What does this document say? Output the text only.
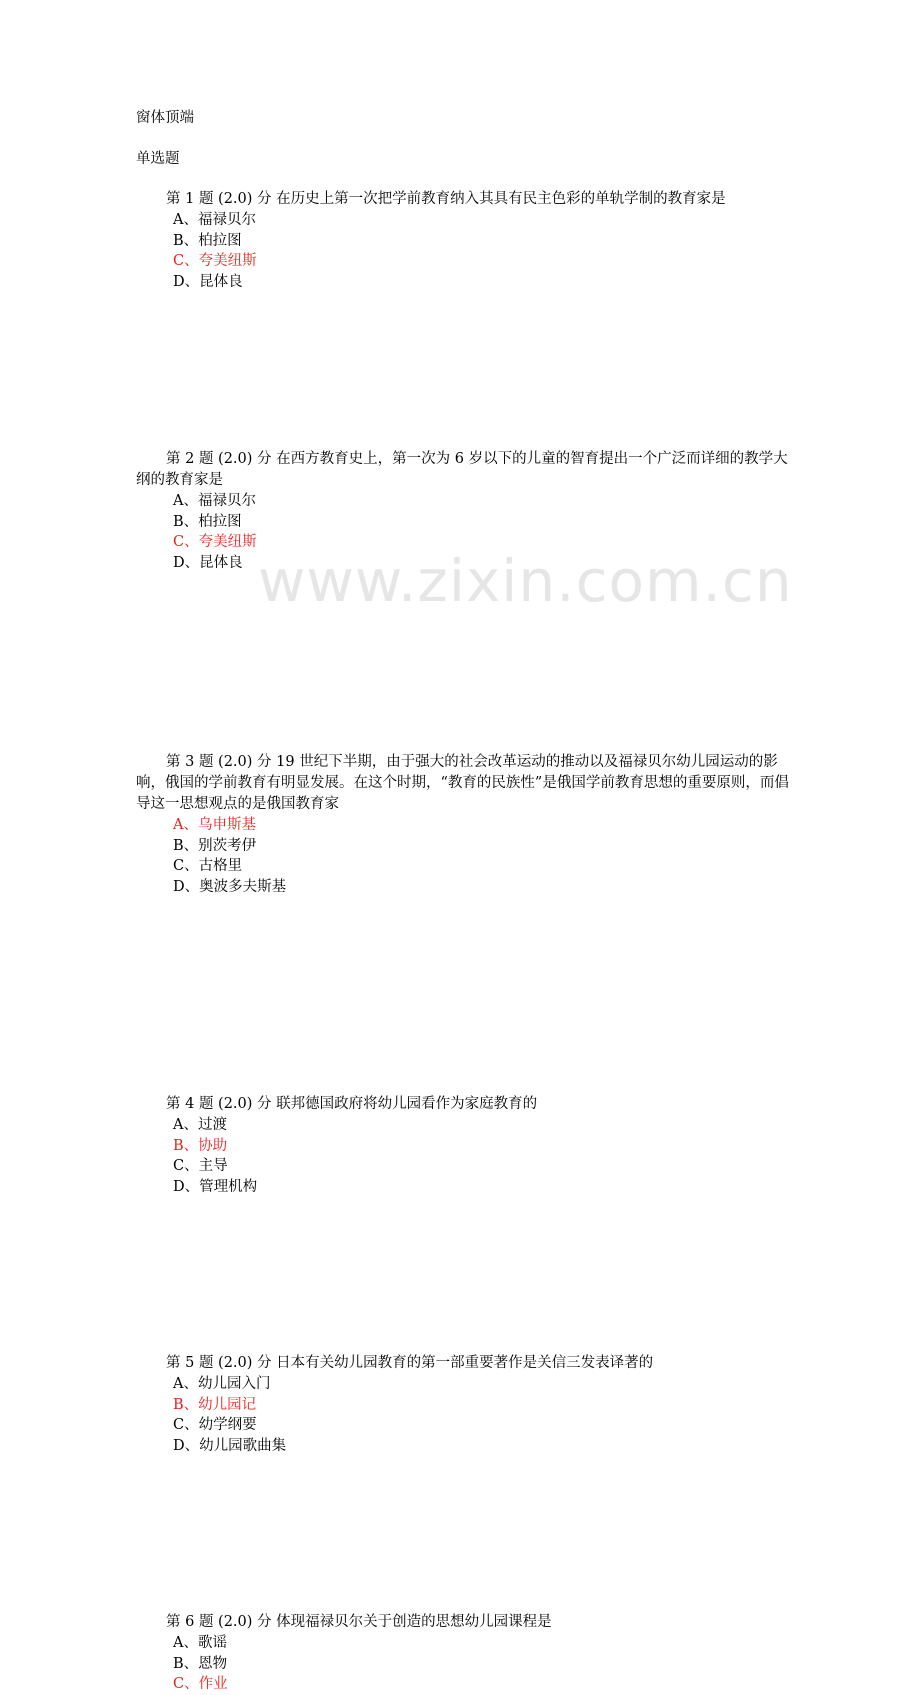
www.zixin.com.cn
窗体顶端
单选题

第 1 题 (2.0) 分 在历史上第一次把学前教育纳入其具有民主色彩的单轨学制的教育家是

A、福禄贝尔
B、柏拉图
C、夸美纽斯
D、昆体良

第 2 题 (2.0) 分 在西方教育史上，第一次为 6 岁以下的儿童的智育提出一个广泛而详细的教学大纲的教育家是

A、福禄贝尔
B、柏拉图
C、夸美纽斯
D、昆体良

第 3 题 (2.0) 分 19 世纪下半期，由于强大的社会改革运动的推动以及福禄贝尔幼儿园运动的影响，俄国的学前教育有明显发展。在这个时期，“教育的民族性”是俄国学前教育思想的重要原则，而倡导这一思想观点的是俄国教育家

A、乌申斯基
B、别茨考伊
C、古格里
D、奥波多夫斯基

第 4 题 (2.0) 分 联邦德国政府将幼儿园看作为家庭教育的

A、过渡
B、协助
C、主导
D、管理机构

第 5 题 (2.0) 分 日本有关幼儿园教育的第一部重要著作是关信三发表译著的

A、幼儿园入门
B、幼儿园记
C、幼学纲要
D、幼儿园歌曲集

第 6 题 (2.0) 分 体现福禄贝尔关于创造的思想幼儿园课程是

A、歌谣
B、恩物
C、作业
